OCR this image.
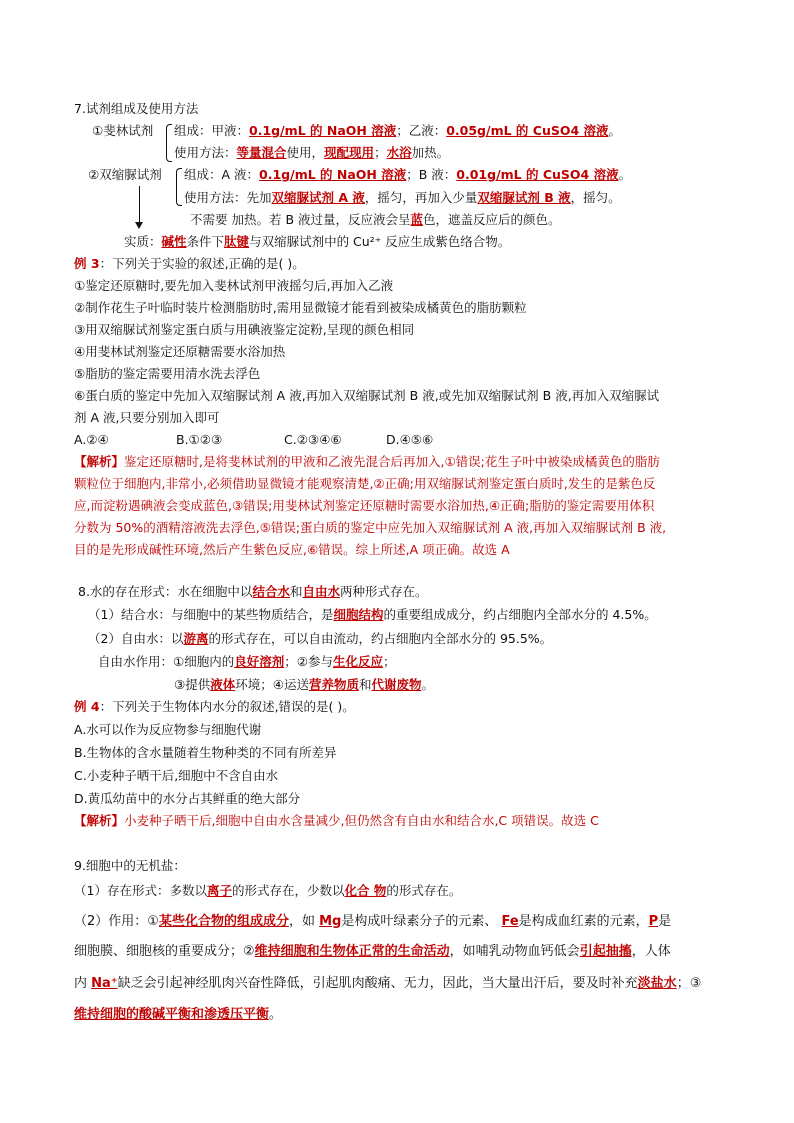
7.试剂组成及使用方法
①斐林试剂 组成：甲液：0.1g/mL 的 NaOH 溶液；乙液：0.05g/mL 的 CuSO4 溶液。
使用方法：等量混合使用，现配现用；水浴加热。
②双缩脲试剂 组成：A 液：0.1g/mL 的 NaOH 溶液；B 液：0.01g/mL 的 CuSO4 溶液。
使用方法：先加双缩脲试剂 A 液，摇匀，再加入少量双缩脲试剂 B 液，摇匀。
不需要 加热。若 B 液过量，反应液会呈蓝色，遮盖反应后的颜色。
实质：碱性条件下肽键与双缩脲试剂中的 Cu²⁺ 反应生成紫色络合物。
例 3：下列关于实验的叙述,正确的是( )。
①鉴定还原糖时,要先加入斐林试剂甲液摇匀后,再加入乙液
②制作花生子叶临时装片检测脂肪时,需用显微镜才能看到被染成橘黄色的脂肪颗粒
③用双缩脲试剂鉴定蛋白质与用碘液鉴定淀粉,呈现的颜色相同
④用斐林试剂鉴定还原糖需要水浴加热
⑤脂肪的鉴定需要用清水洗去浮色
⑥蛋白质的鉴定中先加入双缩脲试剂 A 液,再加入双缩脲试剂 B 液,或先加双缩脲试剂 B 液,再加入双缩脲试
剂 A 液,只要分别加入即可
A.②④	B.①②③	C.②③④⑥	D.④⑤⑥
【解析】鉴定还原糖时,是将斐林试剂的甲液和乙液先混合后再加入,①错误;花生子叶中被染成橘黄色的脂肪
颗粒位于细胞内,非常小,必须借助显微镜才能观察清楚,②正确;用双缩脲试剂鉴定蛋白质时,发生的是紫色反
应,而淀粉遇碘液会变成蓝色,③错误;用斐林试剂鉴定还原糖时需要水浴加热,④正确;脂肪的鉴定需要用体积
分数为 50%的酒精溶液洗去浮色,⑤错误;蛋白质的鉴定中应先加入双缩脲试剂 A 液,再加入双缩脲试剂 B 液,
目的是先形成碱性环境,然后产生紫色反应,⑥错误。综上所述,A 项正确。故选 A
8.水的存在形式：水在细胞中以结合水和自由水两种形式存在。
（1）结合水：与细胞中的某些物质结合，是细胞结构的重要组成成分，约占细胞内全部水分的 4.5%。
（2）自由水：以游离的形式存在，可以自由流动，约占细胞内全部水分的 95.5%。
自由水作用：①细胞内的良好溶剂；②参与生化反应；
③提供液体环境；④运送营养物质和代谢废物。
例 4：下列关于生物体内水分的叙述,错误的是( )。
A.水可以作为反应物参与细胞代谢
B.生物体的含水量随着生物种类的不同有所差异
C.小麦种子晒干后,细胞中不含自由水
D.黄瓜幼苗中的水分占其鲜重的绝大部分
【解析】小麦种子晒干后,细胞中自由水含量减少,但仍然含有自由水和结合水,C 项错误。故选 C
9.细胞中的无机盐：
（1）存在形式：多数以离子的形式存在，少数以化合 物的形式存在。
（2）作用：①某些化合物的组成成分，如 Mg是构成叶绿素分子的元素、 Fe是构成血红素的元素，P是
细胞膜、细胞核的重要成分；②维持细胞和生物体正常的生命活动，如哺乳动物血钙低会引起抽搐，人体
内 Na⁺缺乏会引起神经肌肉兴奋性降低，引起肌肉酸痛、无力，因此，当大量出汗后，要及时补充淡盐水；③
维持细胞的酸碱平衡和渗透压平衡。
